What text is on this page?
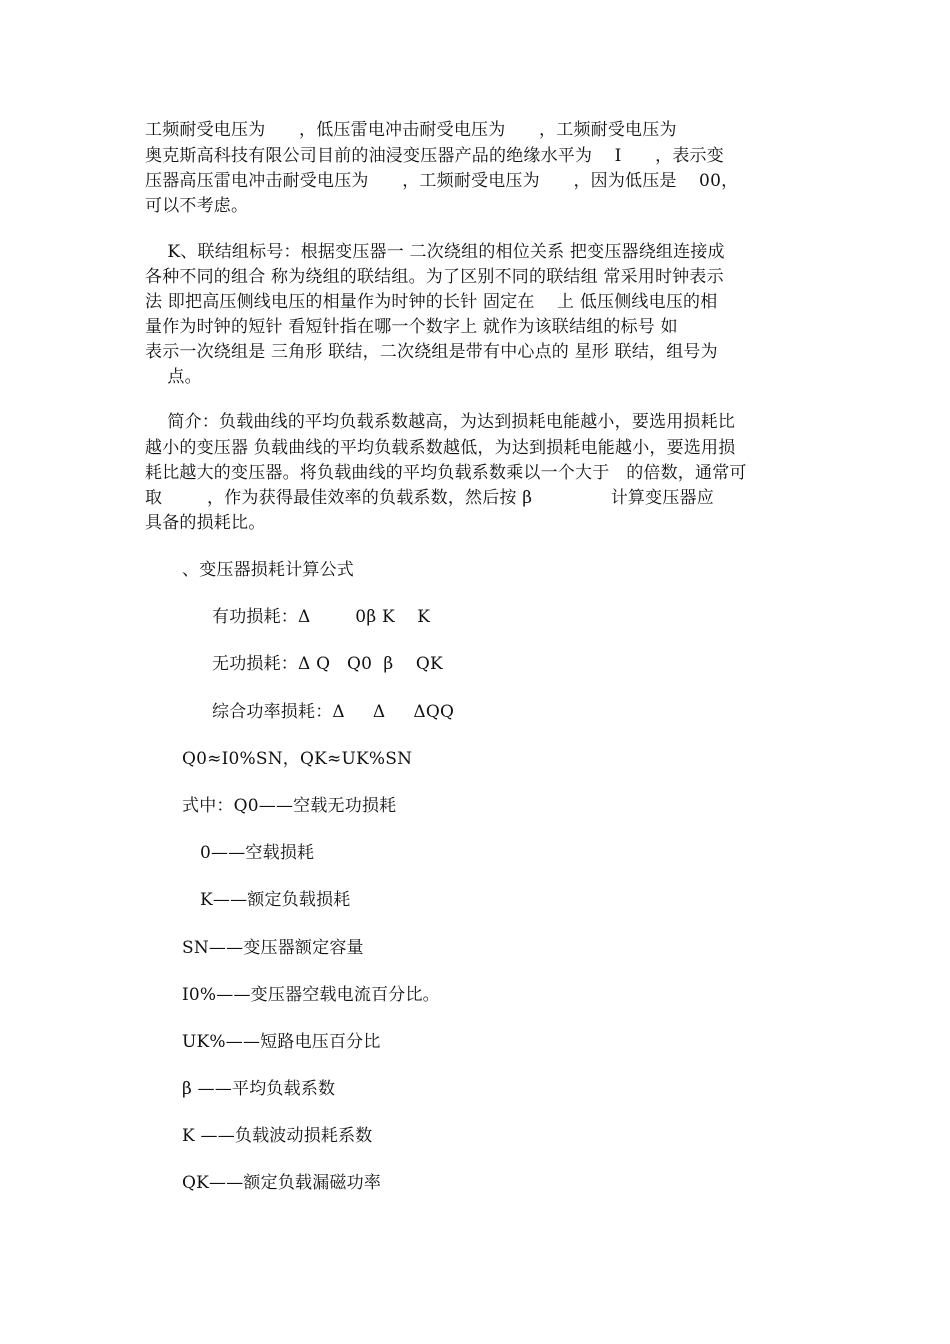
工频耐受电压为      ，低压雷电冲击耐受电压为      ，工频耐受电压为
奥克斯高科技有限公司目前的油浸变压器产品的绝缘水平为    I      ，表示变
压器高压雷电冲击耐受电压为      ，工频耐受电压为      ，因为低压是    00，
可以不考虑。
K、联结组标号：根据变压器一 二次绕组的相位关系 把变压器绕组连接成
各种不同的组合 称为绕组的联结组。为了区别不同的联结组 常采用时钟表示
法 即把高压侧线电压的相量作为时钟的长针 固定在    上 低压侧线电压的相
量作为时钟的短针 看短针指在哪一个数字上 就作为该联结组的标号 如
表示一次绕组是 三角形 联结，二次绕组是带有中心点的 星形 联结，组号为
点。
简介：负载曲线的平均负载系数越高，为达到损耗电能越小，要选用损耗比
越小的变压器 负载曲线的平均负载系数越低，为达到损耗电能越小，要选用损
耗比越大的变压器。将负载曲线的平均负载系数乘以一个大于   的倍数，通常可
取        ，作为获得最佳效率的负载系数，然后按 β              计算变压器应
具备的损耗比。
、变压器损耗计算公式
有功损耗：Δ        0β K    K
无功损耗：Δ Q   Q0  β    QK
综合功率损耗：Δ     Δ     ΔQQ
Q0≈I0%SN，QK≈UK%SN
式中：Q0——空载无功损耗
0——空载损耗
K——额定负载损耗
SN——变压器额定容量
I0%——变压器空载电流百分比。
UK%——短路电压百分比
β ——平均负载系数
K ——负载波动损耗系数
QK——额定负载漏磁功率
